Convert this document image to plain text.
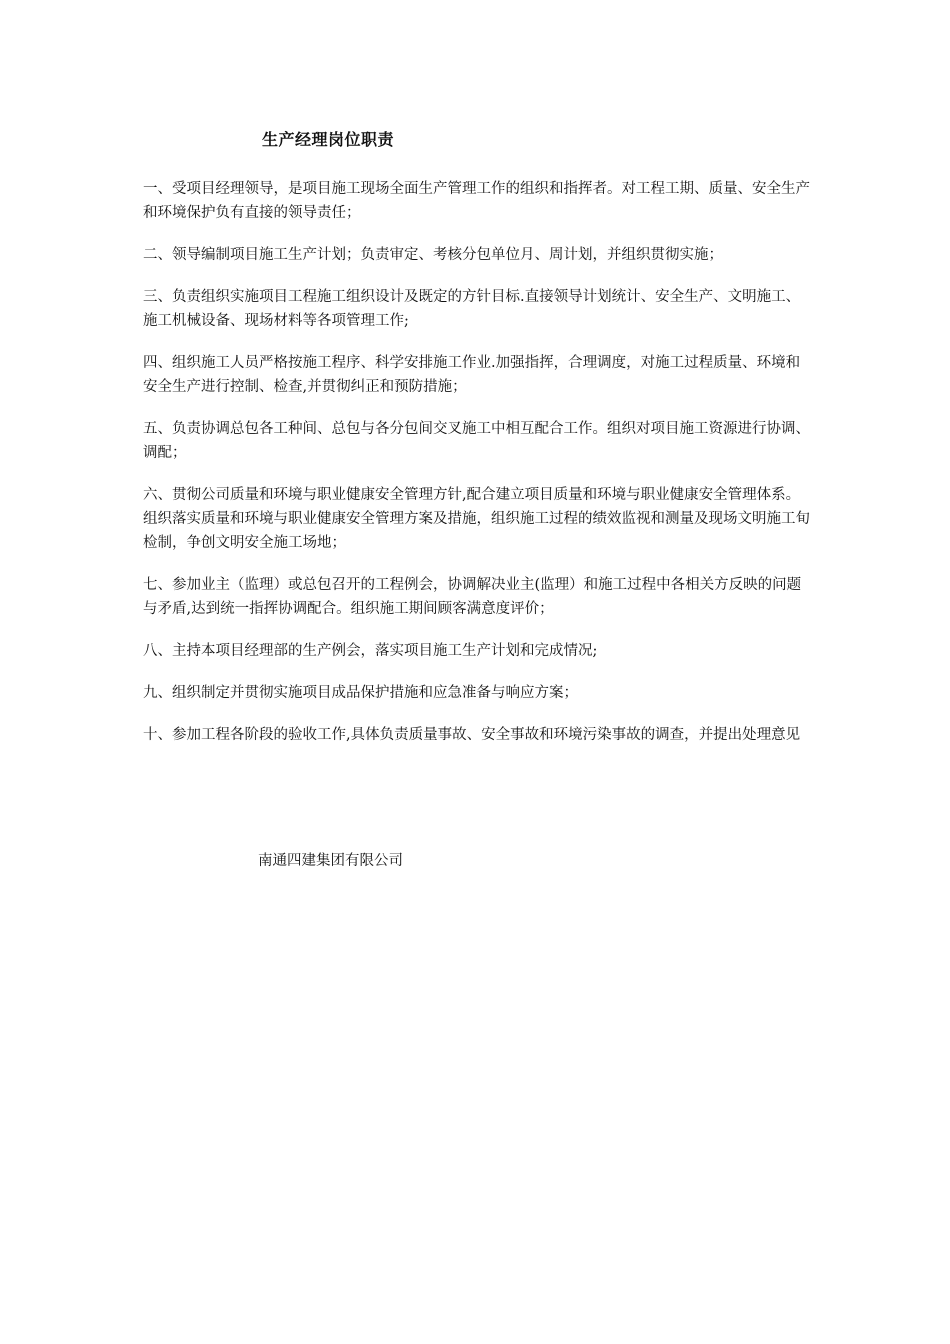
生产经理岗位职责

一、受项目经理领导，是项目施工现场全面生产管理工作的组织和指挥者。对工程工期、质量、安全生产和环境保护负有直接的领导责任；

二、领导编制项目施工生产计划；负责审定、考核分包单位月、周计划，并组织贯彻实施；

三、负责组织实施项目工程施工组织设计及既定的方针目标.直接领导计划统计、安全生产、文明施工、施工机械设备、现场材料等各项管理工作;

四、组织施工人员严格按施工程序、科学安排施工作业.加强指挥，合理调度，对施工过程质量、环境和安全生产进行控制、检查,并贯彻纠正和预防措施；

五、负责协调总包各工种间、总包与各分包间交叉施工中相互配合工作。组织对项目施工资源进行协调、调配；

六、贯彻公司质量和环境与职业健康安全管理方针,配合建立项目质量和环境与职业健康安全管理体系。组织落实质量和环境与职业健康安全管理方案及措施，组织施工过程的绩效监视和测量及现场文明施工旬检制，争创文明安全施工场地；

七、参加业主（监理）或总包召开的工程例会，协调解决业主(监理）和施工过程中各相关方反映的问题与矛盾,达到统一指挥协调配合。组织施工期间顾客满意度评价；

八、主持本项目经理部的生产例会，落实项目施工生产计划和完成情况;

九、组织制定并贯彻实施项目成品保护措施和应急准备与响应方案；

十、参加工程各阶段的验收工作,具体负责质量事故、安全事故和环境污染事故的调查，并提出处理意见

南通四建集团有限公司
